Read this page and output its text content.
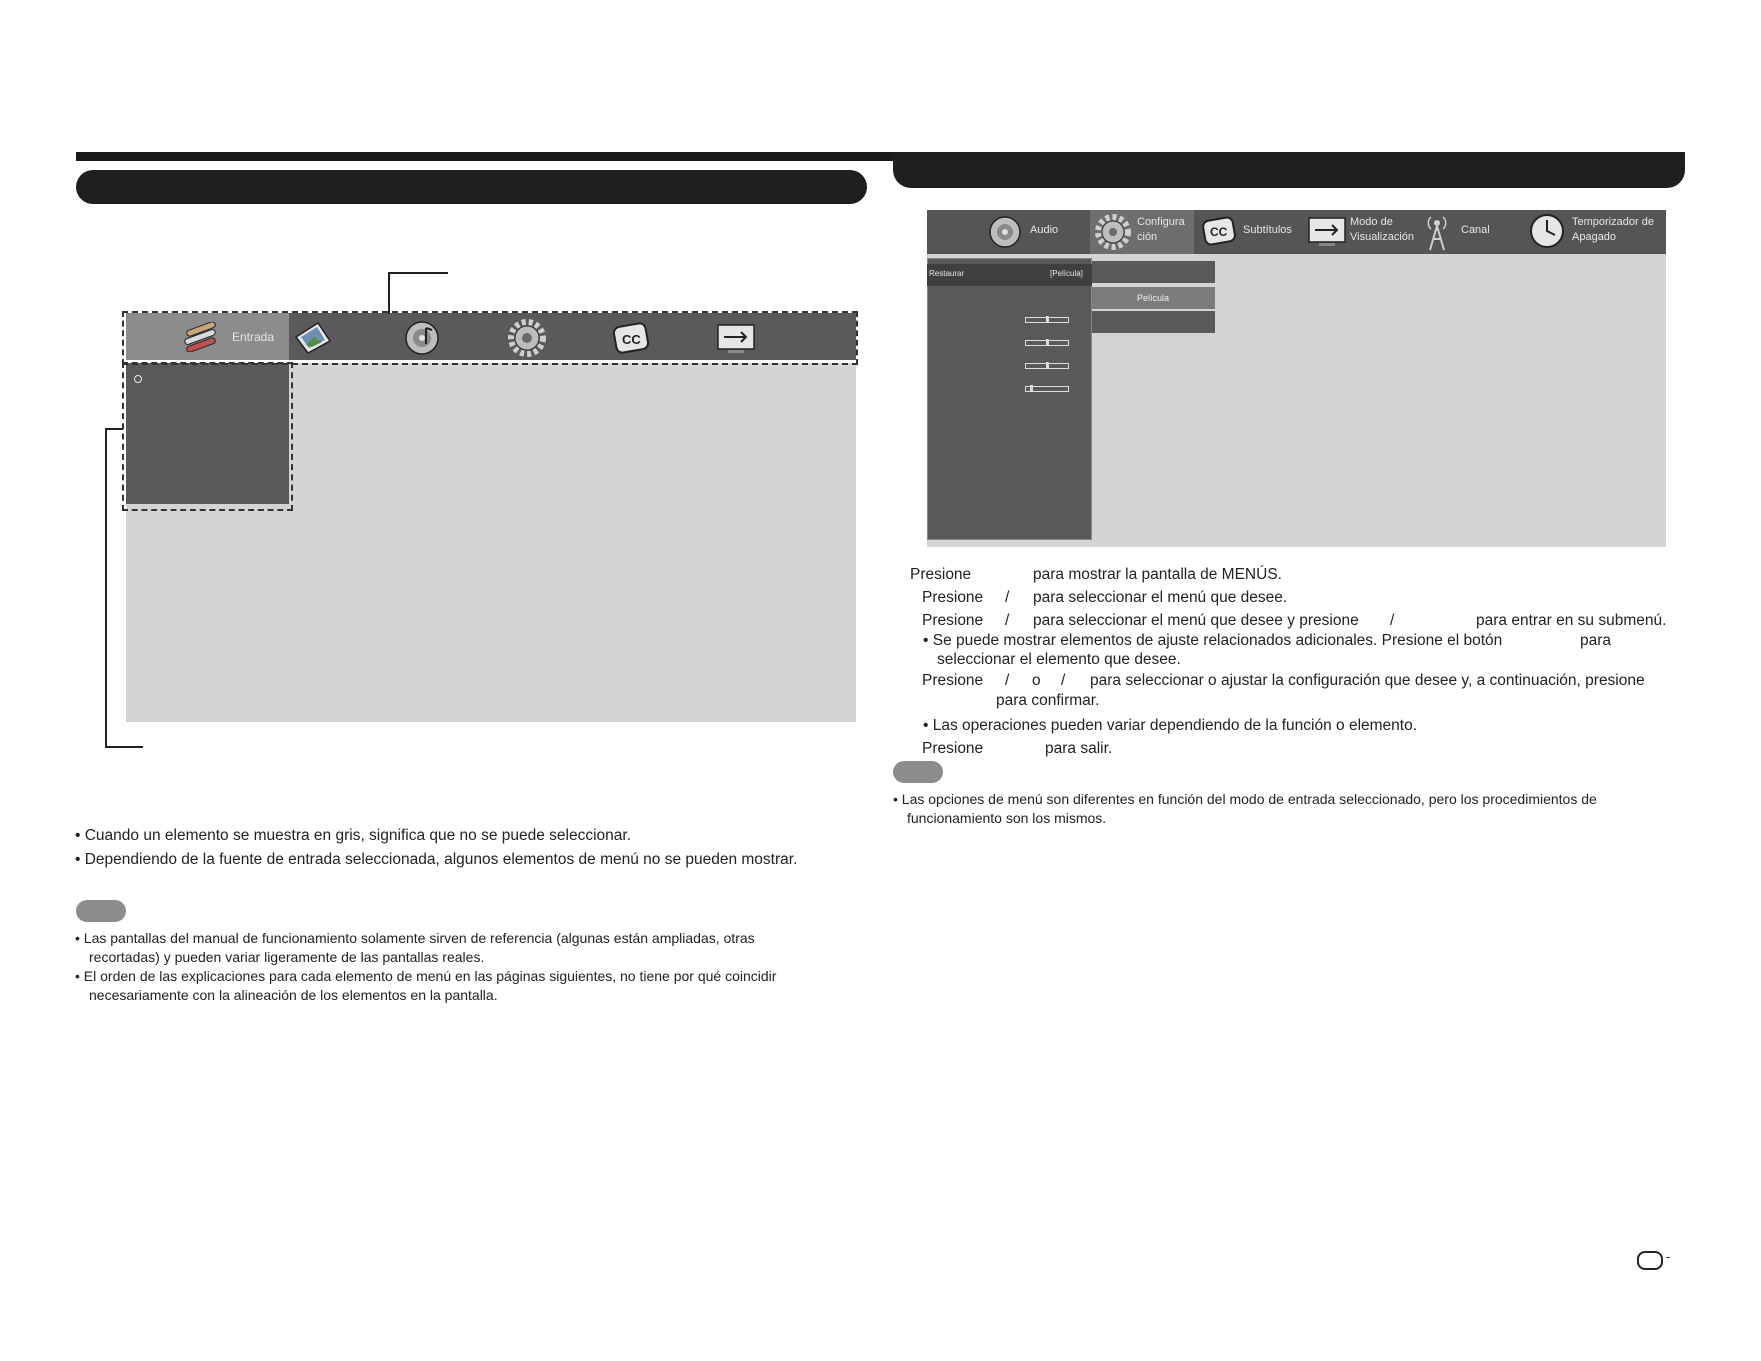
Entrada	CC
• Cuando un elemento se muestra en gris, significa que no se puede seleccionar.
• Dependiendo de la fuente de entrada seleccionada, algunos elementos de menú no se pueden mostrar.
• Las pantallas del manual de funcionamiento solamente sirven de referencia (algunas están ampliadas, otras
recortadas) y pueden variar ligeramente de las pantallas reales.
• El orden de las explicaciones para cada elemento de menú en las páginas siguientes, no tiene por qué coincidir
necesariamente con la alineación de los elementos en la pantalla.
Audio
Configura
ción	CC Subtítulos
Modo de
Visualización
Canal
Temporizador de
Apagado
Restaurar	[Película]
Película
Presione	para mostrar la pantalla de MENÚS.
Presione / para seleccionar el menú que desee.
Presione / para seleccionar el menú que desee y presione /	para entrar en su submenú.
• Se puede mostrar elementos de ajuste relacionados adicionales. Presione el botón	para
seleccionar el elemento que desee.
Presione / o / para seleccionar o ajustar la configuración que desee y, a continuación, presione
para confirmar.
• Las operaciones pueden variar dependiendo de la función o elemento.
Presione	para salir.
• Las opciones de menú son diferentes en función del modo de entrada seleccionado, pero los procedimientos de
funcionamiento son los mismos.
-
